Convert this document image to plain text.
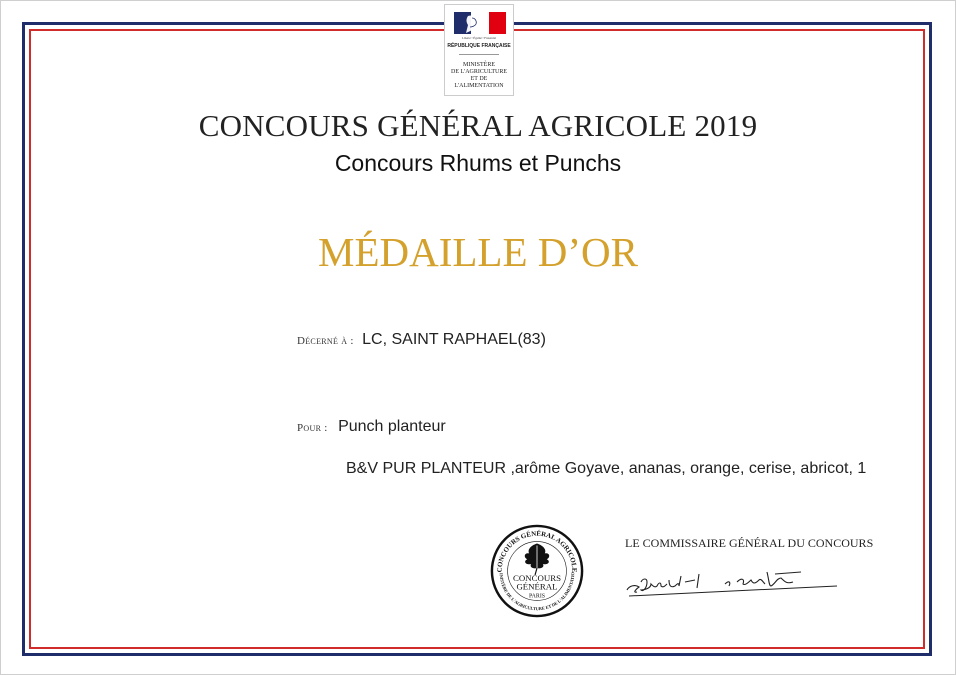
Liberté • Égalité • Fraternité
RÉPUBLIQUE FRANÇAISE
MINISTÈRE
DE L'AGRICULTURE
ET DE
L'ALIMENTATION
CONCOURS GÉNÉRAL AGRICOLE 2019
Concours Rhums et Punchs
MÉDAILLE D’OR
Décerné à : LC, SAINT RAPHAEL(83)
Pour : Punch planteur
B&V PUR PLANTEUR ,arôme Goyave, ananas, orange, cerise, abricot, 1
CONCOURS GÉNÉRAL AGRICOLE
INISTÈRE DE L'AGRICULTURE ET DE L'ALIMENTATIO
CONCOURS
GÉNÉRAL
PARIS
LE COMMISSAIRE GÉNÉRAL DU CONCOURS
